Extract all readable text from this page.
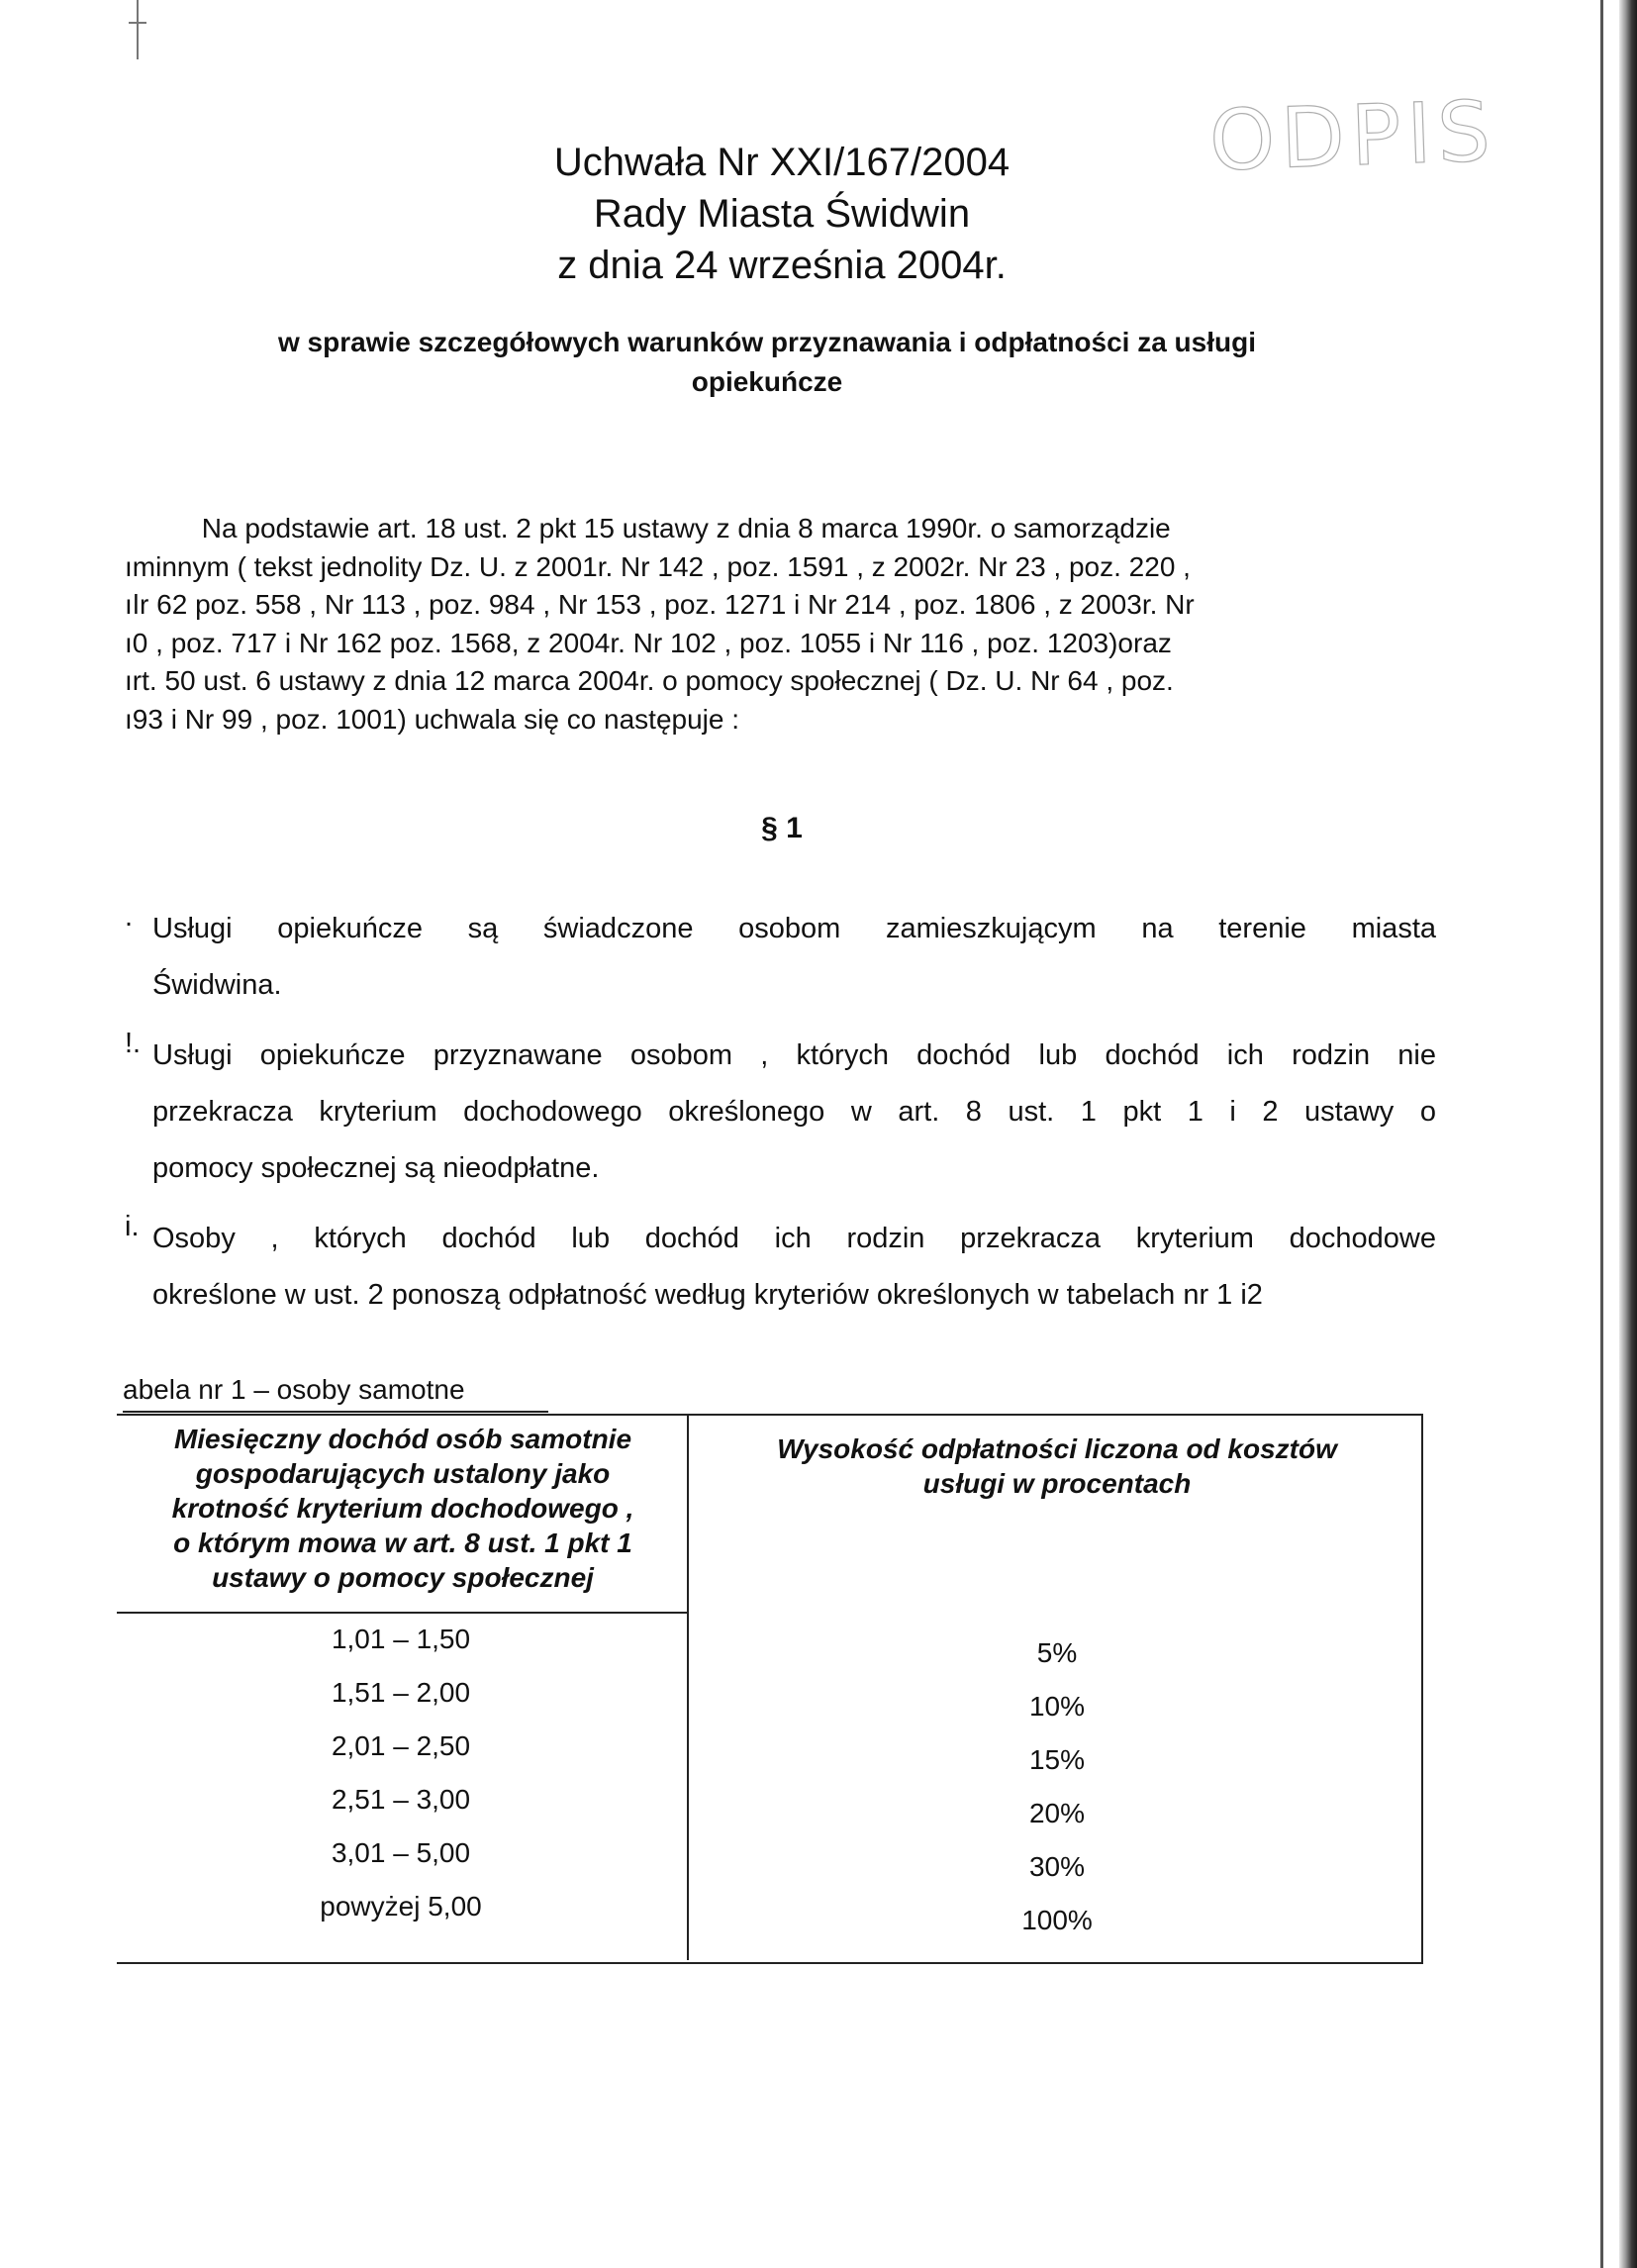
ODPIS
Uchwała Nr XXI/167/2004
Rady Miasta Świdwin
z dnia 24 września 2004r.
w sprawie szczegółowych warunków przyznawania i odpłatności za usługi
opiekuńcze
Na podstawie art. 18 ust. 2 pkt 15 ustawy z dnia 8 marca 1990r. o samorządzie
ıminnym ( tekst jednolity Dz. U. z 2001r. Nr 142 , poz. 1591 , z 2002r. Nr 23 , poz. 220 ,
ıǀr 62 poz. 558 , Nr 113 , poz. 984 , Nr 153 , poz. 1271 i Nr 214 , poz. 1806 , z 2003r. Nr
ı0 , poz. 717 i Nr 162 poz. 1568, z 2004r. Nr 102 , poz. 1055 i Nr 116 , poz. 1203)oraz
ırt. 50 ust. 6 ustawy z dnia 12 marca 2004r. o pomocy społecznej ( Dz. U. Nr 64 , poz.
ı93 i Nr 99 , poz. 1001) uchwala się co następuje :
§ 1
. Usługi opiekuńcze są świadczone osobom zamieszkującym na terenie miasta
Świdwina.
!. Usługi opiekuńcze przyznawane osobom , których dochód lub dochód ich rodzin nie
przekracza kryterium dochodowego określonego w art. 8 ust. 1 pkt 1 i 2 ustawy o
pomocy społecznej są nieodpłatne.
i. Osoby , których dochód lub dochód ich rodzin przekracza kryterium dochodowe
określone w ust. 2 ponoszą odpłatność według kryteriów określonych w tabelach nr 1 i2
abela nr 1 – osoby samotne
Miesięczny dochód osób samotnie
gospodarujących ustalony jako
krotność kryterium dochodowego ,
o którym mowa w art. 8 ust. 1 pkt 1
ustawy o pomocy społecznej
Wysokość odpłatności liczona od kosztów
usługi w procentach
1,01 – 1,50	5%
1,51 – 2,00	10%
2,01 – 2,50	15%
2,51 – 3,00	20%
3,01 – 5,00	30%
powyżej 5,00	100%
